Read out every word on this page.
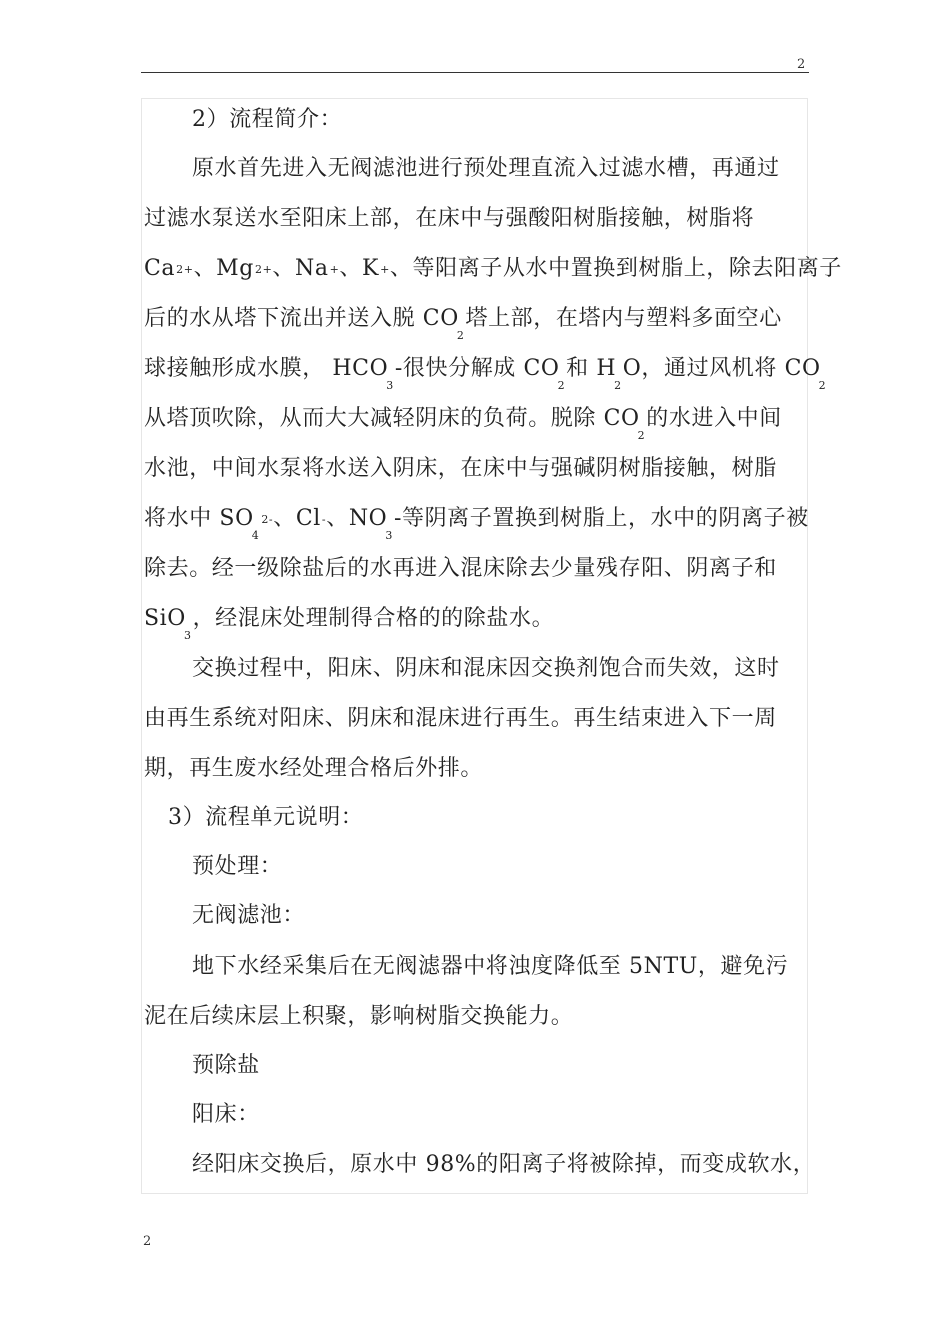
2
2）流程简介：
原水首先进入无阀滤池进行预处理直流入过滤水槽，再通过
过滤水泵送水至阳床上部，在床中与强酸阳树脂接触，树脂将
$Ca^{2+}$、$Mg^{2+}$、Na+、K+、等阳离子从水中置换到树脂上，除去阳离子
后的水从塔下流出并送入脱 $CO_2$塔上部，在塔内与塑料多面空心
球接触形成水膜， $HCO_3-$很快分解成 $CO_2$和 $H_2O$，通过风机将 $CO_2$
从塔顶吹除，从而大大减轻阴床的负荷。脱除 $CO_2$的水进入中间
水池，中间水泵将水送入阴床，在床中与强碱阴树脂接触，树脂
将水中 $SO_4^{2-}$、Cl-、$NO_3-$等阴离子置换到树脂上，水中的阴离子被
除去。经一级除盐后的水再进入混床除去少量残存阳、阴离子和
SiO$_3$，经混床处理制得合格的的除盐水。
交换过程中，阳床、阴床和混床因交换剂饱合而失效，这时
由再生系统对阳床、阴床和混床进行再生。再生结束进入下一周
期，再生废水经处理合格后外排。
3）流程单元说明：
预处理：
无阀滤池：
地下水经采集后在无阀滤器中将浊度降低至 5NTU，避免污
泥在后续床层上积聚，影响树脂交换能力。
预除盐
阳床：
经阳床交换后，原水中 98%的阳离子将被除掉，而变成软水，
2
